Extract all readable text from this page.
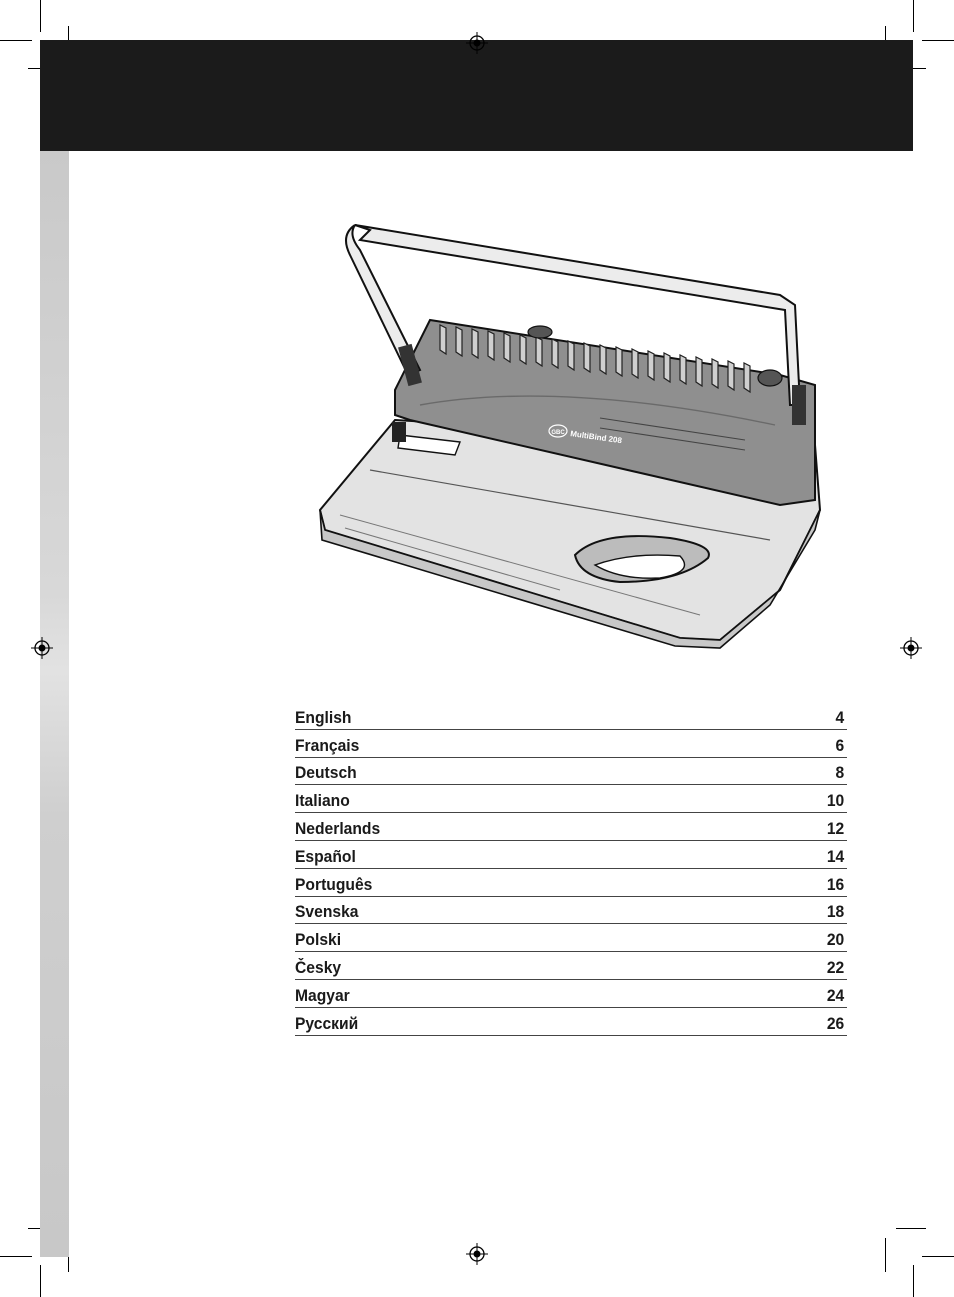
GBC MultiBind 208
English	4
Français	6
Deutsch	8
Italiano	10
Nederlands	12
Español	14
Português	16
Svenska	18
Polski	20
Česky	22
Magyar	24
Русский	26
